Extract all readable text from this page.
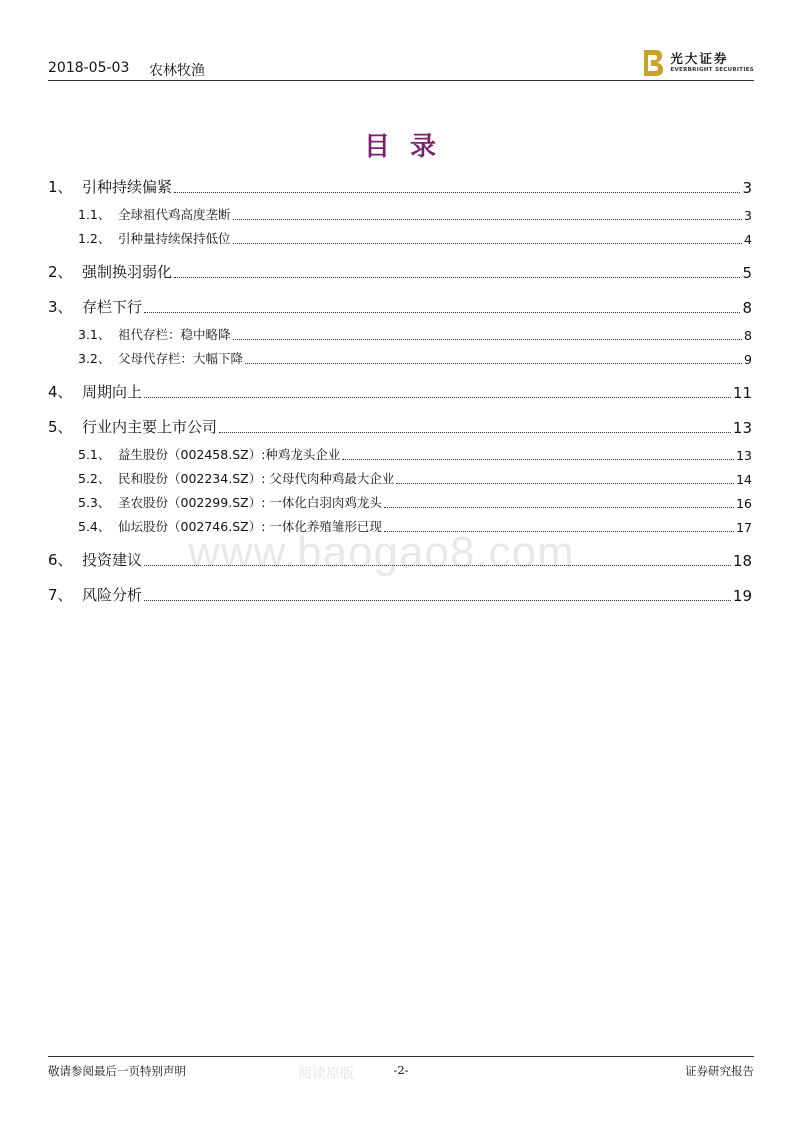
2018-05-03 农林牧渔
光大证券
EVERBRIGHT SECURITIES
目录
www.baogao8.com
1、 引种持续偏紧	3
1.1、 全球祖代鸡高度垄断	3
1.2、 引种量持续保持低位	4
2、 强制换羽弱化	5
3、 存栏下行	8
3.1、 祖代存栏：稳中略降	8
3.2、 父母代存栏：大幅下降	9
4、 周期向上	11
5、 行业内主要上市公司	13
5.1、 益生股份（002458.SZ）:种鸡龙头企业	13
5.2、 民和股份（002234.SZ）: 父母代肉种鸡最大企业	14
5.3、 圣农股份（002299.SZ）: 一体化白羽肉鸡龙头	16
5.4、 仙坛股份（002746.SZ）: 一体化养殖雏形已现	17
6、 投资建议	18
7、 风险分析	19
敬请参阅最后一页特别声明	阅读原版	-2-	证券研究报告
